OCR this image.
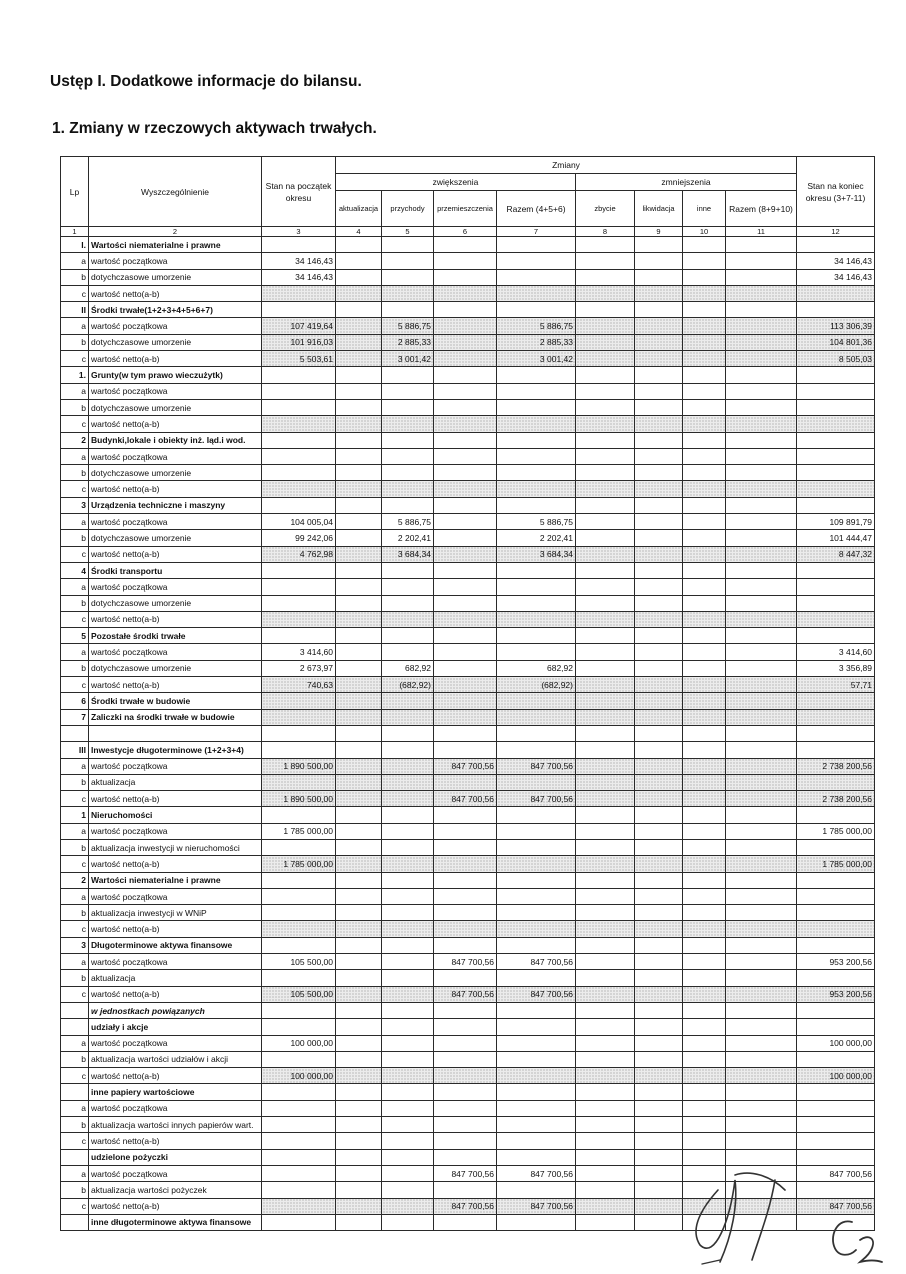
Ustęp I. Dodatkowe informacje do bilansu.
1. Zmiany w rzeczowych aktywach trwałych.
Lp	Wyszczególnienie	Stan na początek okresu	Zmiany								Stan na koniec okresu (3+7-11)
			zwiększenia				zmniejszenia				
			aktualizacja	przychody	przemieszczenia	Razem (4+5+6)	zbycie	likwidacja	inne	Razem (8+9+10)	

1	2	3	4	5	6	7	8	9	10	11	12
I.	Wartości niematerialne i prawne										
a	wartość początkowa	34 146,43									34 146,43
b	dotychczasowe umorzenie	34 146,43									34 146,43
c	wartość netto(a-b)										
II	Środki trwałe(1+2+3+4+5+6+7)										
a	wartość początkowa	107 419,64		5 886,75		5 886,75					113 306,39
b	dotychczasowe umorzenie	101 916,03		2 885,33		2 885,33					104 801,36
c	wartość netto(a-b)	5 503,61		3 001,42		3 001,42					8 505,03
1.	Grunty(w tym prawo wieczużytk)										
a	wartość początkowa										
b	dotychczasowe umorzenie										
c	wartość netto(a-b)										
2	Budynki,lokale i obiekty inż. Iąd.i wod.										
a	wartość początkowa										
b	dotychczasowe umorzenie										
c	wartość netto(a-b)										
3	Urządzenia techniczne i maszyny										
a	wartość początkowa	104 005,04		5 886,75		5 886,75					109 891,79
b	dotychczasowe umorzenie	99 242,06		2 202,41		2 202,41					101 444,47
c	wartość netto(a-b)	4 762,98		3 684,34		3 684,34					8 447,32
4	Środki transportu										
a	wartość początkowa										
b	dotychczasowe umorzenie										
c	wartość netto(a-b)										
5	Pozostałe środki trwałe										
a	wartość początkowa	3 414,60									3 414,60
b	dotychczasowe umorzenie	2 673,97		682,92		682,92					3 356,89
c	wartość netto(a-b)	740,63		(682,92)		(682,92)					57,71
6	Środki trwałe w budowie										
7	Zaliczki na środki trwałe w budowie										

III	Inwestycje długoterminowe (1+2+3+4)										
a	wartość początkowa	1 890 500,00			847 700,56	847 700,56					2 738 200,56
b	aktualizacja										
c	wartość netto(a-b)	1 890 500,00			847 700,56	847 700,56					2 738 200,56
1	Nieruchomości										
a	wartość początkowa	1 785 000,00									1 785 000,00
b	aktualizacja inwestycji w nieruchomości										
c	wartość netto(a-b)	1 785 000,00									1 785 000,00
2	Wartości niematerialne i prawne										
a	wartość początkowa										
b	aktualizacja inwestycji w WNiP										
c	wartość netto(a-b)										
3	Długoterminowe aktywa finansowe										
a	wartość początkowa	105 500,00			847 700,56	847 700,56					953 200,56
b	aktualizacja										
c	wartość netto(a-b)	105 500,00			847 700,56	847 700,56					953 200,56
	w jednostkach powiązanych										
	udziały i akcje										
a	wartość początkowa	100 000,00									100 000,00
b	aktualizacja wartości udziałów i akcji										
c	wartość netto(a-b)	100 000,00									100 000,00
	inne papiery wartościowe										
a	wartość początkowa										
b	aktualizacja wartości innych papierów wart.										
c	wartość netto(a-b)										
	udzielone pożyczki										
a	wartość początkowa				847 700,56	847 700,56					847 700,56
b	aktualizacja wartości pożyczek										
c	wartość netto(a-b)				847 700,56	847 700,56					847 700,56
	inne długoterminowe aktywa finansowe										
